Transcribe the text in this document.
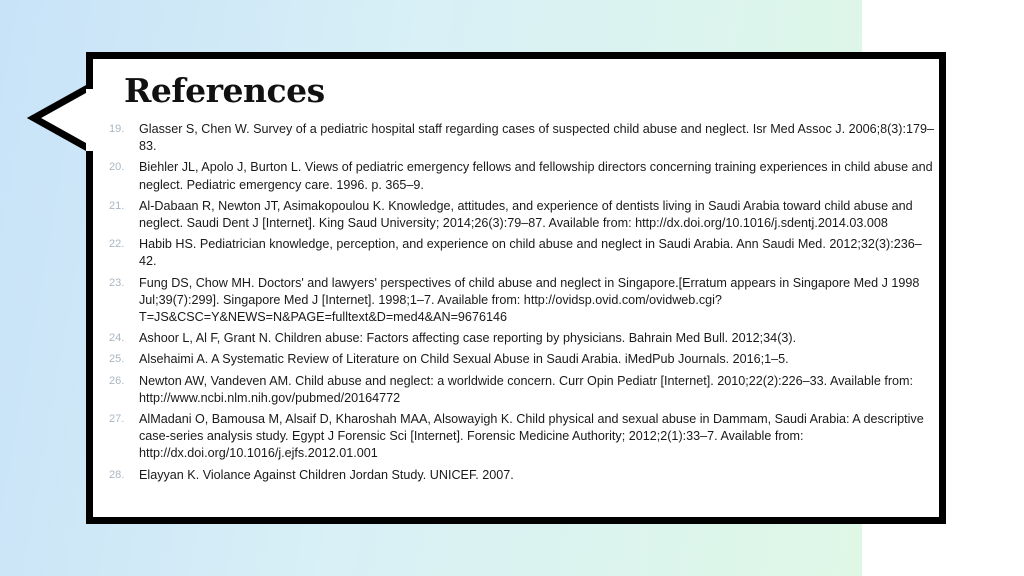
References
19.	Glasser S, Chen W. Survey of a pediatric hospital staff regarding cases of suspected child abuse and neglect. Isr Med Assoc J. 2006;8(3):179–83.
20.	Biehler JL, Apolo J, Burton L. Views of pediatric emergency fellows and fellowship directors concerning training experiences in child abuse and neglect. Pediatric emergency care. 1996. p. 365–9.
21.	Al-Dabaan R, Newton JT, Asimakopoulou K. Knowledge, attitudes, and experience of dentists living in Saudi Arabia toward child abuse and neglect. Saudi Dent J [Internet]. King Saud University; 2014;26(3):79–87. Available from: http://dx.doi.org/10.1016/j.sdentj.2014.03.008
22.	Habib HS. Pediatrician knowledge, perception, and experience on child abuse and neglect in Saudi Arabia. Ann Saudi Med. 2012;32(3):236–42.
23.	Fung DS, Chow MH. Doctors' and lawyers' perspectives of child abuse and neglect in Singapore.[Erratum appears in Singapore Med J 1998 Jul;39(7):299]. Singapore Med J [Internet]. 1998;1–7. Available from: http://ovidsp.ovid.com/ovidweb.cgi?T=JS&CSC=Y&NEWS=N&PAGE=fulltext&D=med4&AN=9676146
24.	Ashoor L, Al F, Grant N. Children abuse: Factors affecting case reporting by physicians. Bahrain Med Bull. 2012;34(3).
25.	Alsehaimi A. A Systematic Review of Literature on Child Sexual Abuse in Saudi Arabia. iMedPub Journals. 2016;1–5.
26.	Newton AW, Vandeven AM. Child abuse and neglect: a worldwide concern. Curr Opin Pediatr [Internet]. 2010;22(2):226–33. Available from: http://www.ncbi.nlm.nih.gov/pubmed/20164772
27.	AlMadani O, Bamousa M, Alsaif D, Kharoshah MAA, Alsowayigh K. Child physical and sexual abuse in Dammam, Saudi Arabia: A descriptive case-series analysis study. Egypt J Forensic Sci [Internet]. Forensic Medicine Authority; 2012;2(1):33–7. Available from: http://dx.doi.org/10.1016/j.ejfs.2012.01.001
28.	Elayyan K. Violance Against Children Jordan Study. UNICEF. 2007.
